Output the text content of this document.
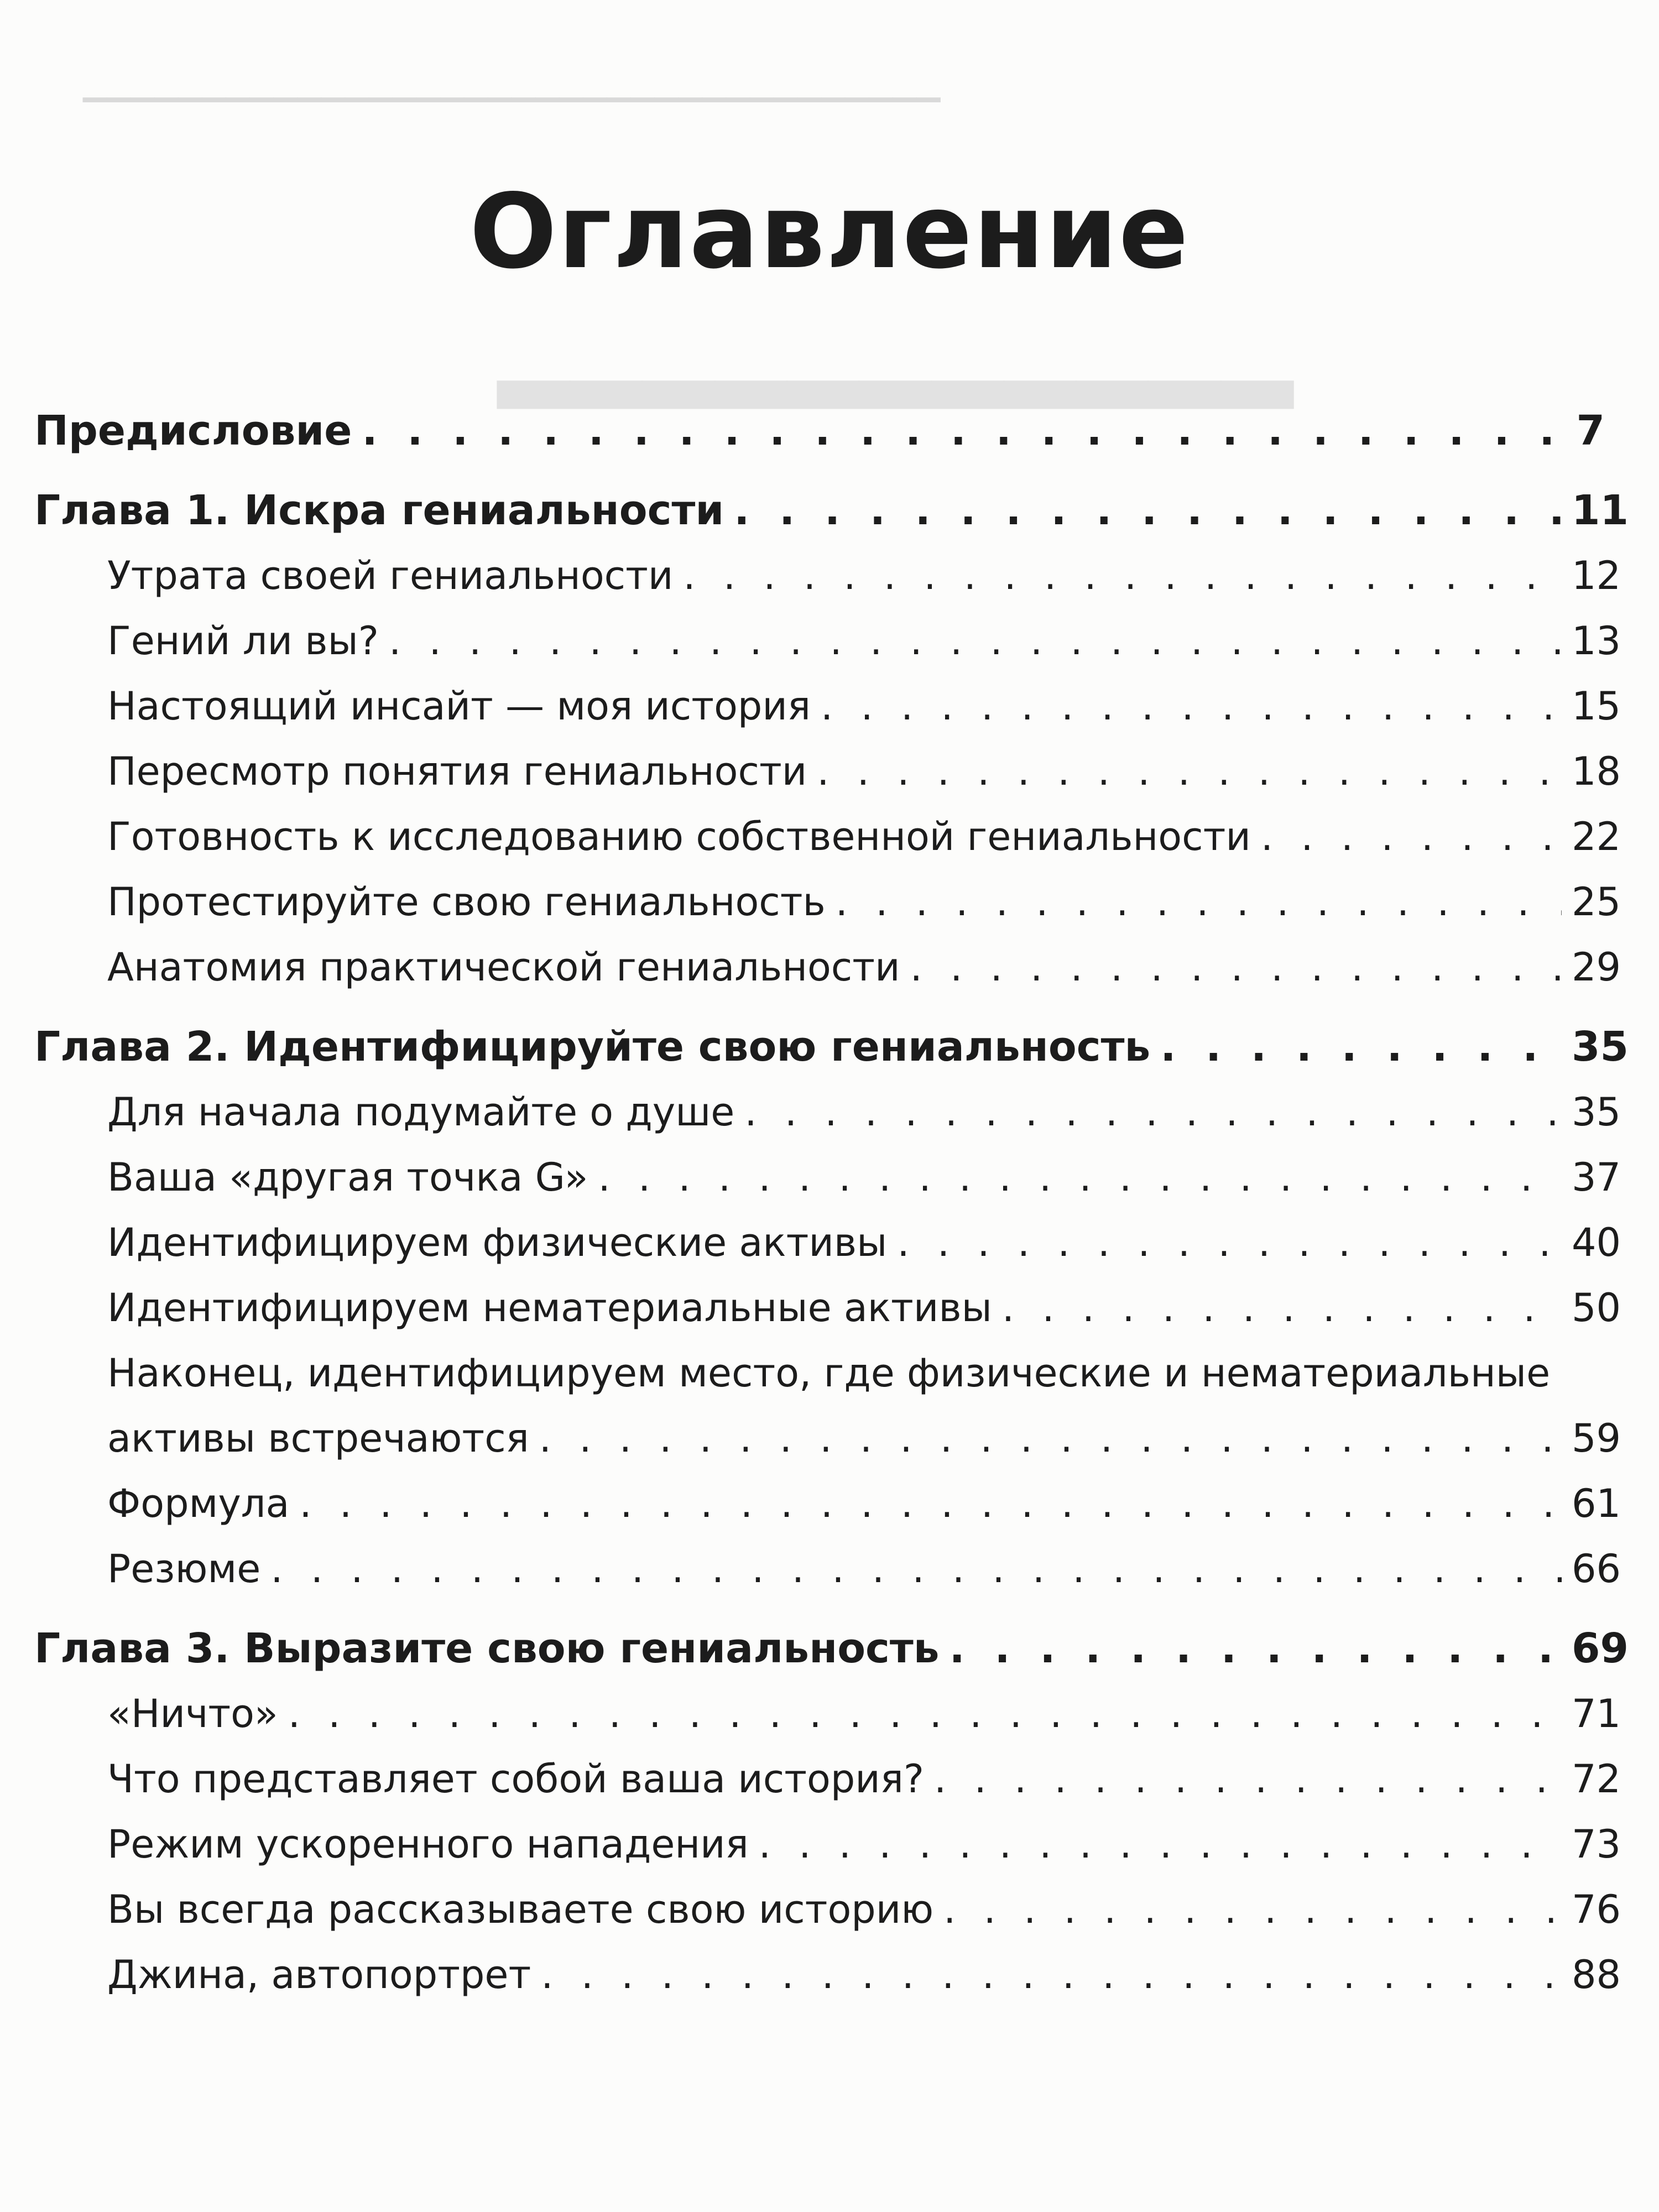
▁▁▁▁▁▁▁▁▁▁▁▁▁▁▁▁▁▁▁▁▁▁▁▁▁▁▁▁▁▁▁▁▁▁▁▁
▂▂▂▂▂▂▂▂▂▂▂
Оглавление
Предисловие . . .	7
Глава 1. Искра гениальности . . .	11
Утрата своей гениальности . . .	12
Гений ли вы? . . .	13
Настоящий инсайт — моя история . . .	15
Пересмотр понятия гениальности . . .	18
Готовность к исследованию собственной гениальности . . .	22
Протестируйте свою гениальность . . .	25
Анатомия практической гениальности . . .	29
Глава 2. Идентифицируйте свою гениальность . . .	35
Для начала подумайте о душе . . .	35
Ваша «другая точка G» . . .	37
Идентифицируем физические активы . . .	40
Идентифицируем нематериальные активы . . .	50
Наконец, идентифицируем место, где физические и нематериальные
активы встречаются . . .	59
Формула . . .	61
Резюме . . .	66
Глава 3. Выразите свою гениальность . . .	69
«Ничто» . . .	71
Что представляет собой ваша история? . . .	72
Режим ускоренного нападения . . .	73
Вы всегда рассказываете свою историю . . .	76
Джина, автопортрет . . .	88
